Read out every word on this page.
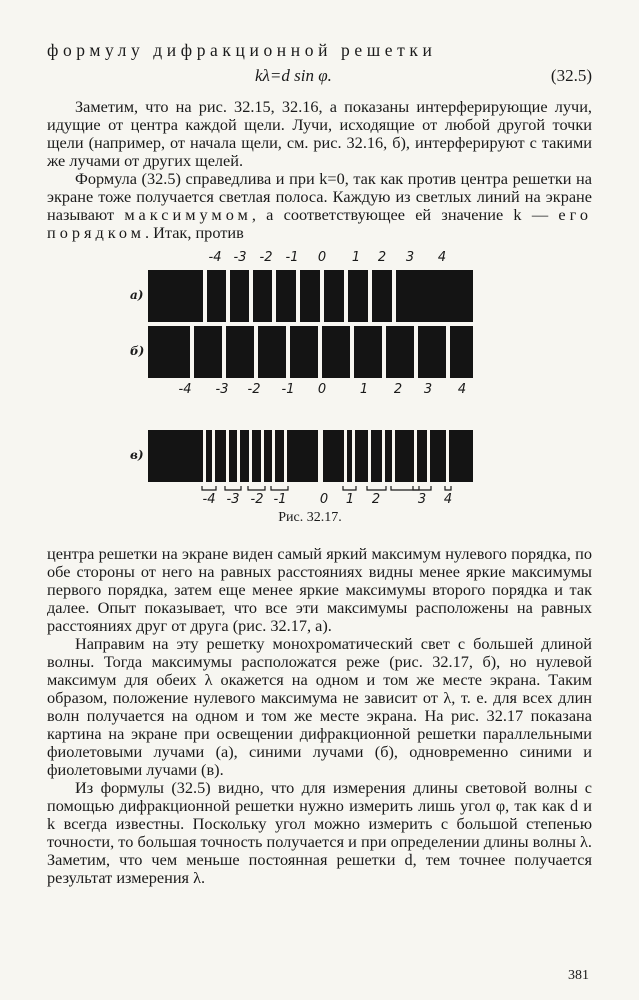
формулу дифракционной решетки
kλ=d sin φ.	(32.5)

Заметим, что на рис. 32.15, 32.16, а показаны интерферирующие лучи, идущие от центра каждой щели. Лучи, исходящие от любой другой точки щели (например, от начала щели, см. рис. 32.16, б), интерферируют с такими же лучами от других щелей.

Формула (32.5) справедлива и при k=0, так как против центра решетки на экране тоже получается светлая полоса. Каждую из светлых линий на экране называют максимумом, а соответствующее ей значение k — его порядком. Итак, против

а)
б)
в)
-4 -3 -2 -1 0 1 2 3 4
-4 -3 -2 -1 0	1 2 3 4
-4 -3 -2 -1	0 1 2	3 4
Рис. 32.17.

центра решетки на экране виден самый яркий максимум нулевого порядка, по обе стороны от него на равных расстояниях видны менее яркие максимумы первого порядка, затем еще менее яркие максимумы второго порядка и так далее. Опыт показывает, что все эти максимумы расположены на равных расстояниях друг от друга (рис. 32.17, а).

Направим на эту решетку монохроматический свет с большей длиной волны. Тогда максимумы расположатся реже (рис. 32.17, б), но нулевой максимум для обеих λ окажется на одном и том же месте экрана. Таким образом, положение нулевого максимума не зависит от λ, т. е. для всех длин волн получается на одном и том же месте экрана. На рис. 32.17 показана картина на экране при освещении дифракционной решетки параллельными фиолетовыми лучами (а), синими лучами (б), одновременно синими и фиолетовыми лучами (в).

Из формулы (32.5) видно, что для измерения длины световой волны с помощью дифракционной решетки нужно измерить лишь угол φ, так как d и k всегда известны. Поскольку угол можно измерить с большой степенью точности, то большая точность получается и при определении длины волны λ. Заметим, что чем меньше постоянная решетки d, тем точнее получается результат измерения λ.

381
